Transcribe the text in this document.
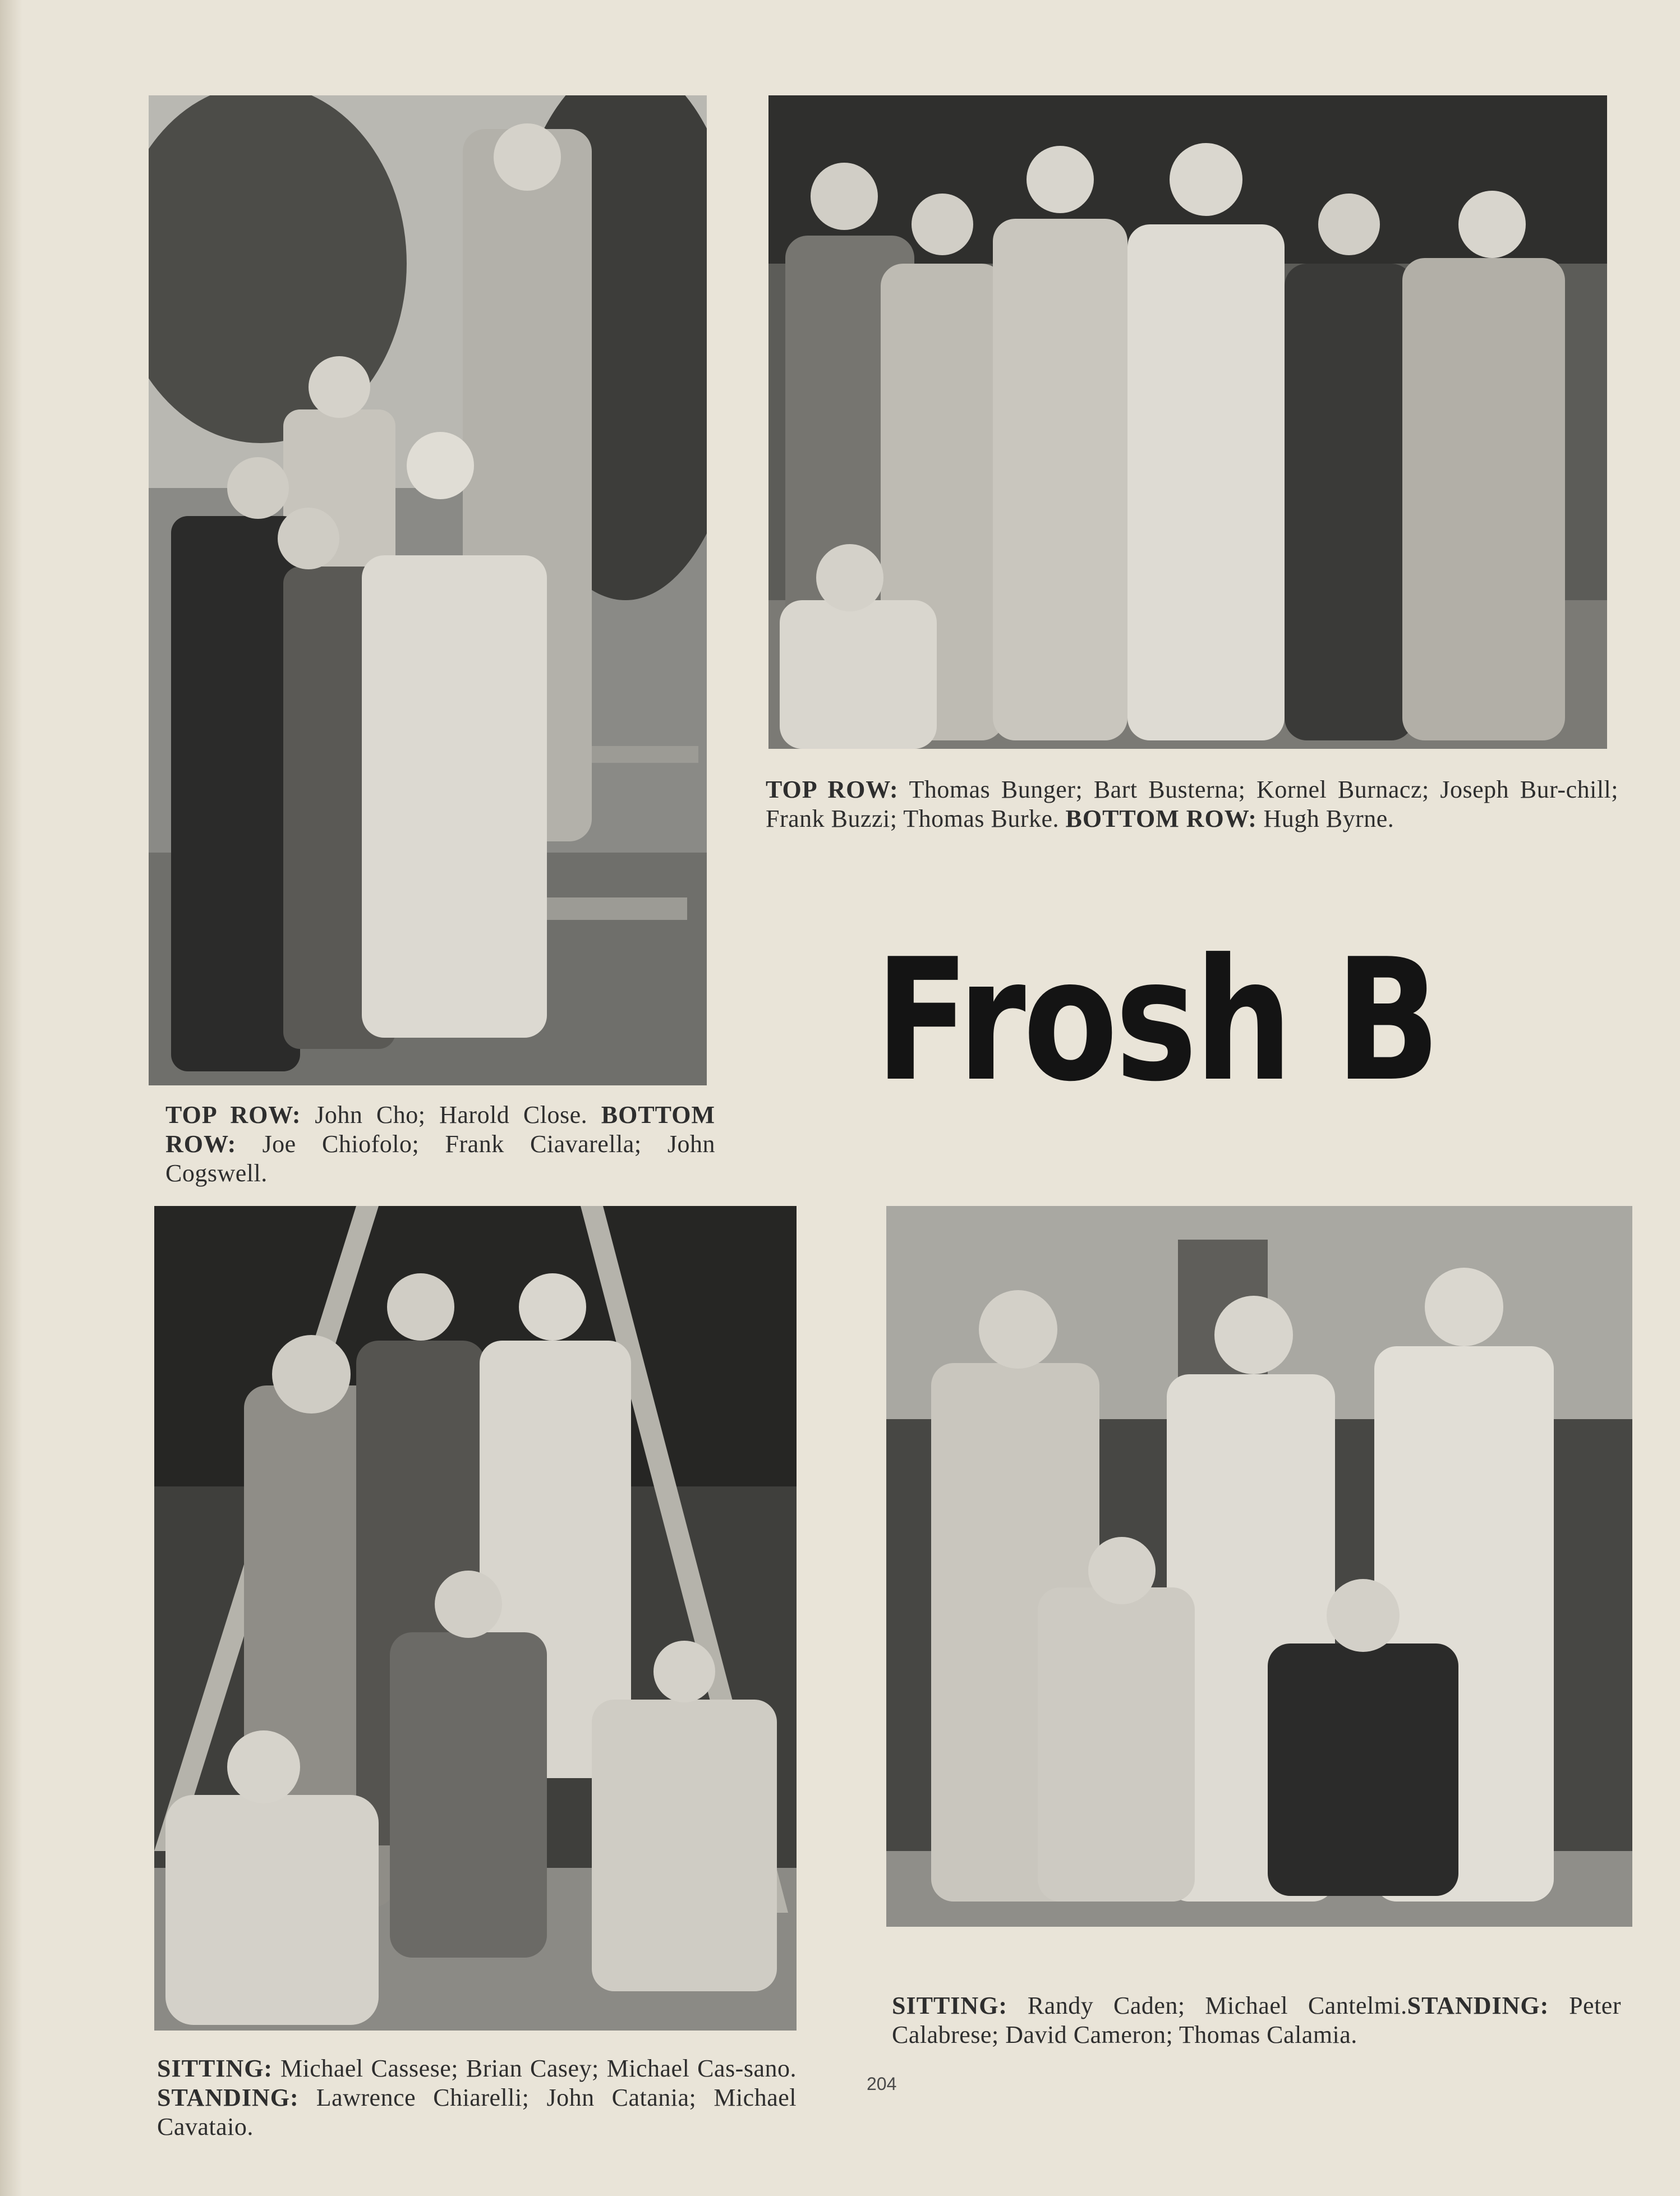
TOP ROW: John Cho; Harold Close. BOTTOM ROW: Joe Chiofolo; Frank Ciavarella; John Cogswell.
TOP ROW: Thomas Bunger; Bart Busterna; Kornel Burnacz; Joseph Bur-chill; Frank Buzzi; Thomas Burke. BOTTOM ROW: Hugh Byrne.
Frosh B
SITTING: Michael Cassese; Brian Casey; Michael Cas-sano. STANDING: Lawrence Chiarelli; John Catania; Michael Cavataio.
SITTING: Randy Caden; Michael Cantelmi.STANDING: Peter Calabrese; David Cameron; Thomas Calamia.
204
